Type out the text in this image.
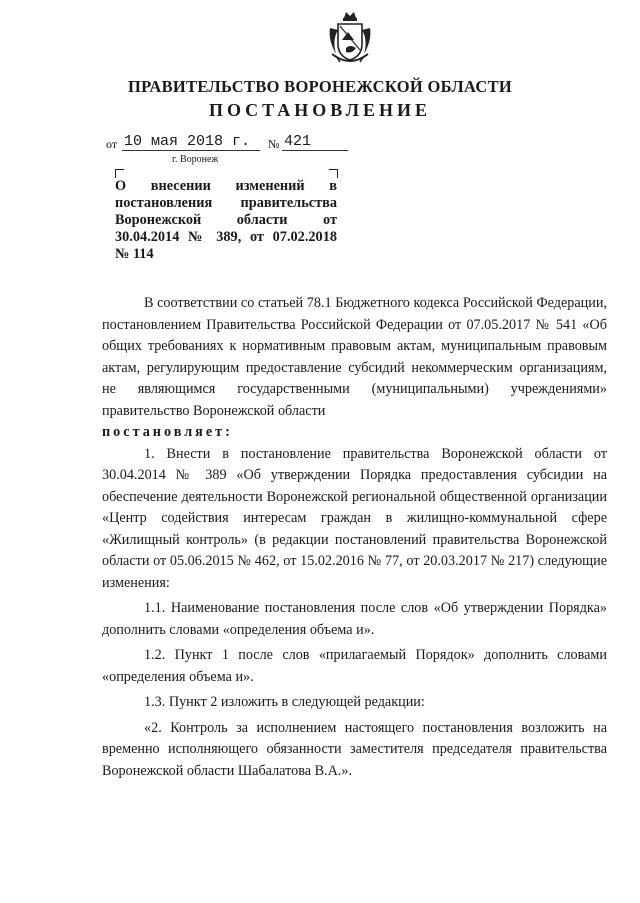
ПРАВИТЕЛЬСТВО ВОРОНЕЖСКОЙ ОБЛАСТИ
ПОСТАНОВЛЕНИЕ
от 10 мая 2018 г. № 421
г. Воронеж
О внесении изменений в
постановления правительства
Воронежской области от
30.04.2014 № 389, от 07.02.2018
№ 114

В соответствии со статьей 78.1 Бюджетного кодекса Российской Федерации, постановлением Правительства Российской Федерации от 07.05.2017 № 541 «Об общих требованиях к нормативным правовым актам, муниципальным правовым актам, регулирующим предоставление субсидий некоммерческим организациям, не являющимся государственными (муниципальными) учреждениями» правительство Воронежской области

постановляет:

1. Внести в постановление правительства Воронежской области от 30.04.2014 № 389 «Об утверждении Порядка предоставления субсидии на обеспечение деятельности Воронежской региональной общественной организации «Центр содействия интересам граждан в жилищно-коммунальной сфере «Жилищный контроль» (в редакции постановлений правительства Воронежской области от 05.06.2015 № 462, от 15.02.2016 № 77, от 20.03.2017 № 217) следующие изменения:

1.1. Наименование постановления после слов «Об утверждении Порядка» дополнить словами «определения объема и».

1.2. Пункт 1 после слов «прилагаемый Порядок» дополнить словами «определения объема и».

1.3. Пункт 2 изложить в следующей редакции:

«2. Контроль за исполнением настоящего постановления возложить на временно исполняющего обязанности заместителя председателя правительства Воронежской области Шабалатова В.А.».
